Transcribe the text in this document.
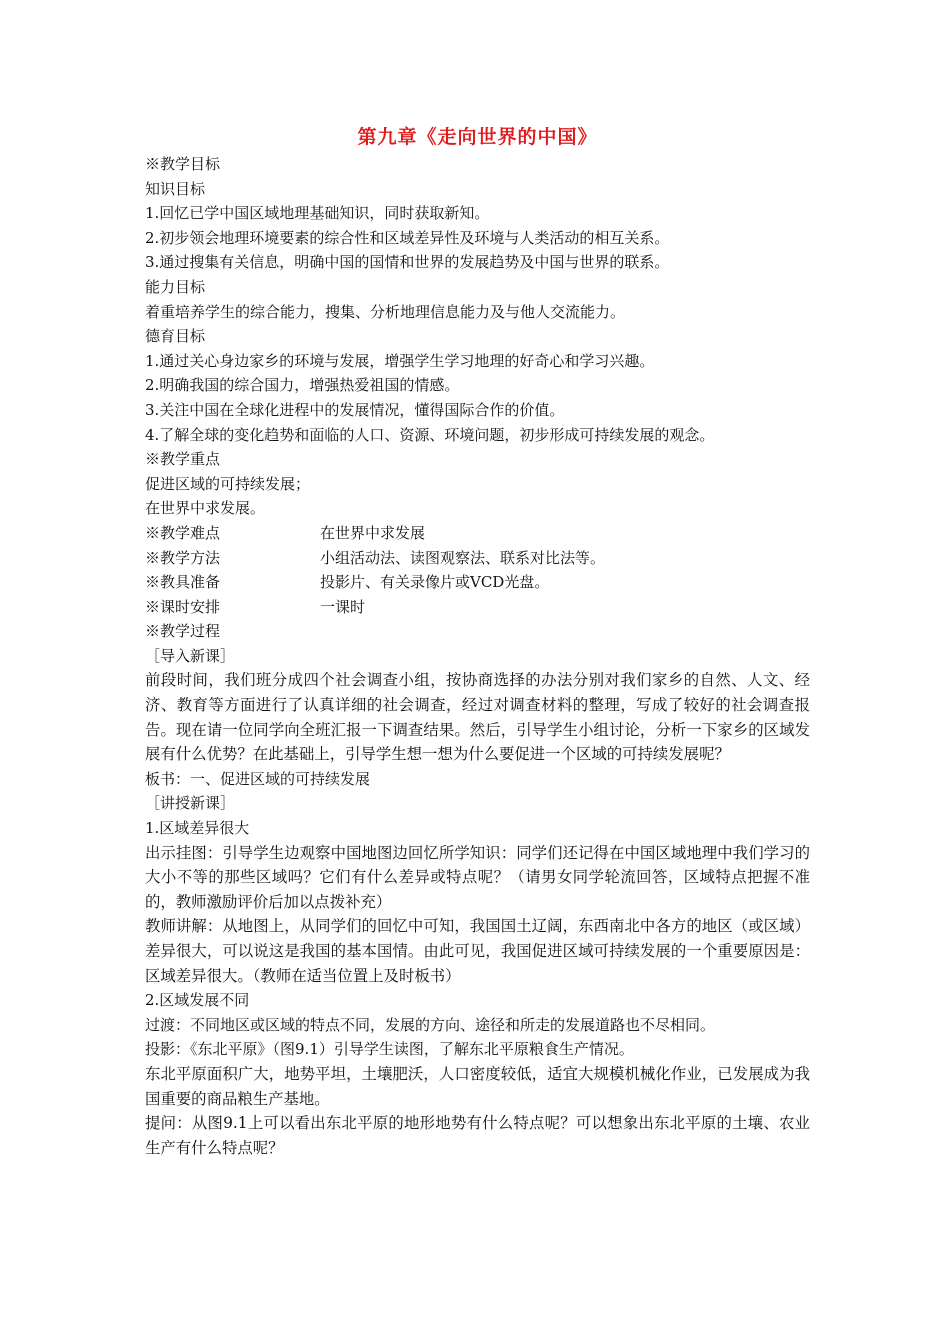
第九章《走向世界的中国》
※教学目标
知识目标
1.回忆已学中国区域地理基础知识，同时获取新知。
2.初步领会地理环境要素的综合性和区域差异性及环境与人类活动的相互关系。
3.通过搜集有关信息，明确中国的国情和世界的发展趋势及中国与世界的联系。
能力目标
着重培养学生的综合能力，搜集、分析地理信息能力及与他人交流能力。
德育目标
1.通过关心身边家乡的环境与发展，增强学生学习地理的好奇心和学习兴趣。
2.明确我国的综合国力，增强热爱祖国的情感。
3.关注中国在全球化进程中的发展情况，懂得国际合作的价值。
4.了解全球的变化趋势和面临的人口、资源、环境问题，初步形成可持续发展的观念。
※教学重点
促进区域的可持续发展；
在世界中求发展。
※教学难点	在世界中求发展
※教学方法	小组活动法、读图观察法、联系对比法等。
※教具准备	投影片、有关录像片或VCD光盘。
※课时安排	一课时
※教学过程
［导入新课］
前段时间，我们班分成四个社会调查小组，按协商选择的办法分别对我们家乡的自然、人文、经济、教育等方面进行了认真详细的社会调查，经过对调查材料的整理，写成了较好的社会调查报告。现在请一位同学向全班汇报一下调查结果。然后，引导学生小组讨论，分析一下家乡的区域发展有什么优势？在此基础上，引导学生想一想为什么要促进一个区域的可持续发展呢？
板书：一、促进区域的可持续发展
［讲授新课］
1.区域差异很大
出示挂图：引导学生边观察中国地图边回忆所学知识：同学们还记得在中国区域地理中我们学习的大小不等的那些区域吗？它们有什么差异或特点呢？（请男女同学轮流回答，区域特点把握不准的，教师激励评价后加以点拨补充）
教师讲解：从地图上，从同学们的回忆中可知，我国国土辽阔，东西南北中各方的地区（或区域）差异很大，可以说这是我国的基本国情。由此可见，我国促进区域可持续发展的一个重要原因是：区域差异很大。（教师在适当位置上及时板书）
2.区域发展不同
过渡：不同地区或区域的特点不同，发展的方向、途径和所走的发展道路也不尽相同。
投影：《东北平原》（图9.1）引导学生读图，了解东北平原粮食生产情况。
东北平原面积广大，地势平坦，土壤肥沃，人口密度较低，适宜大规模机械化作业，已发展成为我国重要的商品粮生产基地。
提问：从图9.1上可以看出东北平原的地形地势有什么特点呢？可以想象出东北平原的土壤、农业生产有什么特点呢？
